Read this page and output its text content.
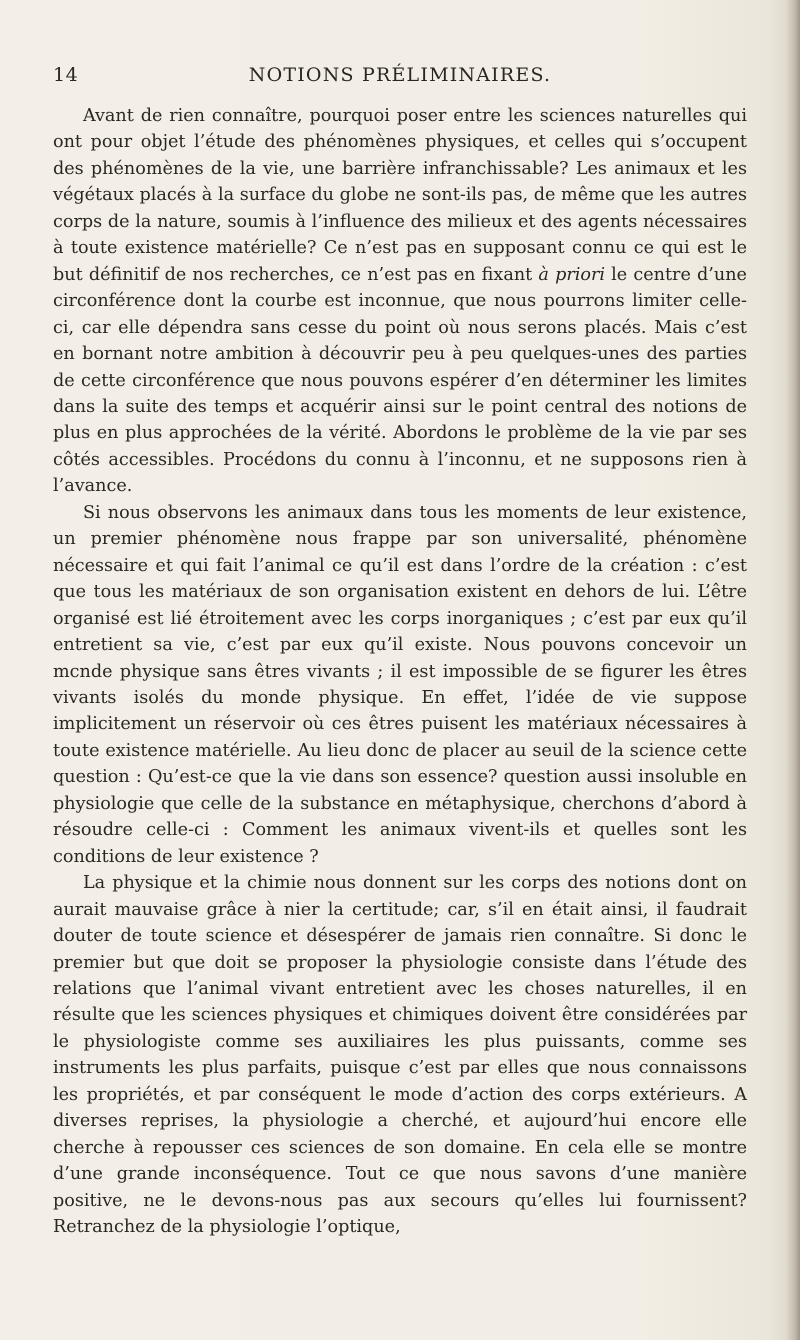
14	NOTIONS PRÉLIMINAIRES.

Avant de rien connaître, pourquoi poser entre les sciences naturelles qui ont pour objet l’étude des phénomènes physiques, et celles qui s’occupent des phénomènes de la vie, une barrière infranchissable? Les animaux et les végétaux placés à la surface du globe ne sont-ils pas, de même que les autres corps de la nature, soumis à l’influence des milieux et des agents nécessaires à toute existence matérielle? Ce n’est pas en supposant connu ce qui est le but définitif de nos recherches, ce n’est pas en fixant à priori le centre d’une circonférence dont la courbe est inconnue, que nous pourrons limiter celle-ci, car elle dépendra sans cesse du point où nous serons placés. Mais c’est en bornant notre ambition à découvrir peu à peu quelques-unes des parties de cette circonférence que nous pouvons espérer d’en déterminer les limites dans la suite des temps et acquérir ainsi sur le point central des notions de plus en plus approchées de la vérité. Abordons le problème de la vie par ses côtés accessibles. Procédons du connu à l’inconnu, et ne supposons rien à l’avance.

Si nous observons les animaux dans tous les moments de leur existence, un premier phénomène nous frappe par son universalité, phénomène nécessaire et qui fait l’animal ce qu’il est dans l’ordre de la création : c’est que tous les matériaux de son organisation existent en dehors de lui. L’être organisé est lié étroitement avec les corps inorganiques ; c’est par eux qu’il entretient sa vie, c’est par eux qu’il existe. Nous pouvons concevoir un mcnde physique sans êtres vivants ; il est impossible de se figurer les êtres vivants isolés du monde physique. En effet, l’idée de vie suppose implicitement un réservoir où ces êtres puisent les matériaux nécessaires à toute existence matérielle. Au lieu donc de placer au seuil de la science cette question : Qu’est-ce que la vie dans son essence? question aussi insoluble en physiologie que celle de la substance en métaphysique, cherchons d’abord à résoudre celle-ci : Comment les animaux vivent-ils et quelles sont les conditions de leur existence ?

La physique et la chimie nous donnent sur les corps des notions dont on aurait mauvaise grâce à nier la certitude; car, s’il en était ainsi, il faudrait douter de toute science et désespérer de jamais rien connaître. Si donc le premier but que doit se proposer la physiologie consiste dans l’étude des relations que l’animal vivant entretient avec les choses naturelles, il en résulte que les sciences physiques et chimiques doivent être considérées par le physiologiste comme ses auxiliaires les plus puissants, comme ses instruments les plus parfaits, puisque c’est par elles que nous connaissons les propriétés, et par conséquent le mode d’action des corps extérieurs. A diverses reprises, la physiologie a cherché, et aujourd’hui encore elle cherche à repousser ces sciences de son domaine. En cela elle se montre d’une grande inconséquence. Tout ce que nous savons d’une manière positive, ne le devons-nous pas aux secours qu’elles lui fournissent? Retranchez de la physiologie l’optique,
